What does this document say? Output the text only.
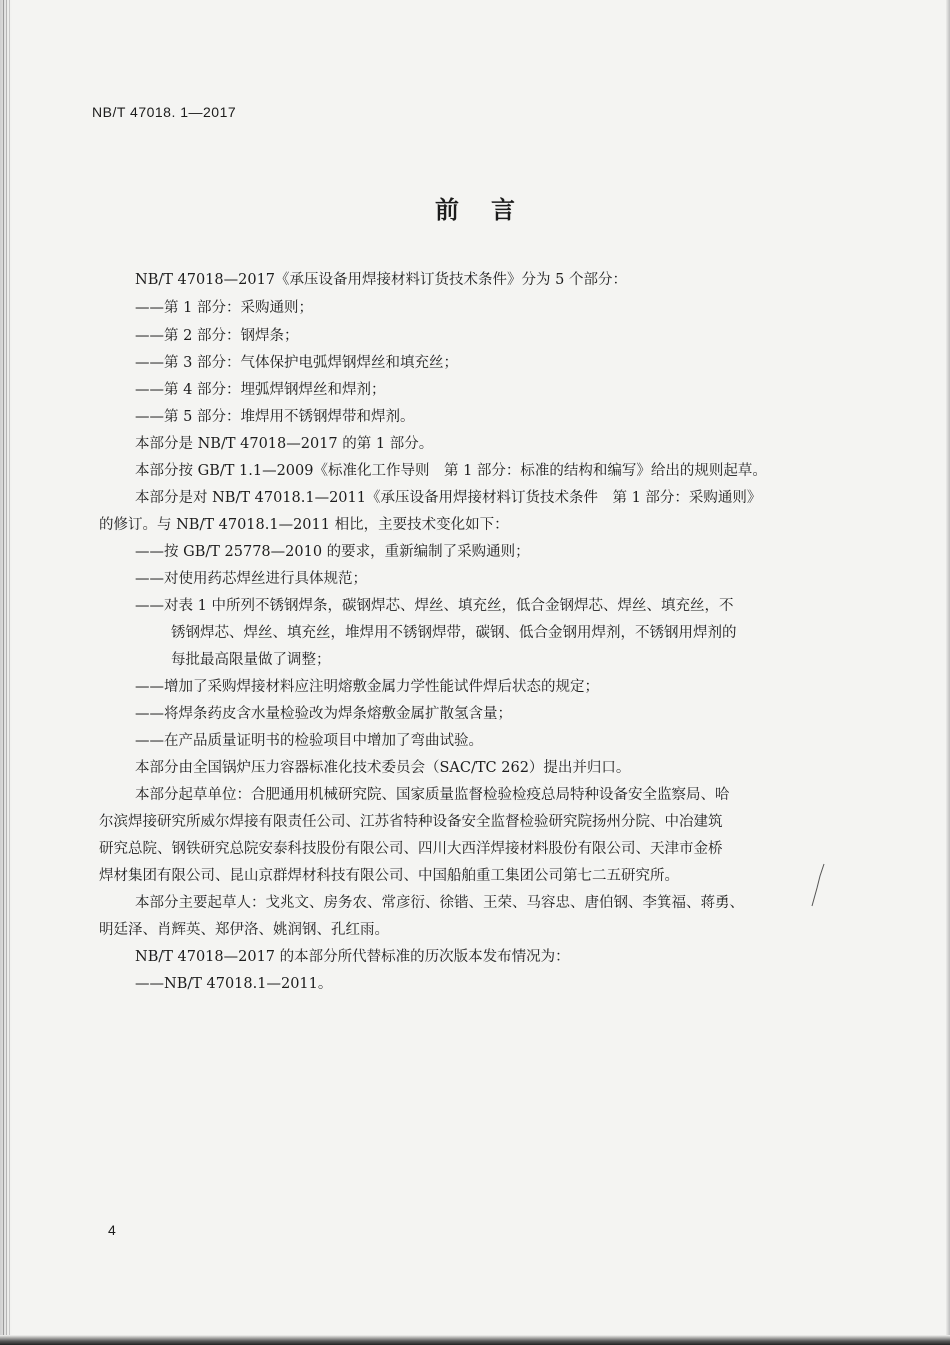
NB/T 47018. 1—2017
前言
NB/T 47018—2017《承压设备用焊接材料订货技术条件》分为 5 个部分：
——第 1 部分：采购通则；
——第 2 部分：钢焊条；
——第 3 部分：气体保护电弧焊钢焊丝和填充丝；
——第 4 部分：埋弧焊钢焊丝和焊剂；
——第 5 部分：堆焊用不锈钢焊带和焊剂。
本部分是 NB/T 47018—2017 的第 1 部分。
本部分按 GB/T 1.1—2009《标准化工作导则　第 1 部分：标准的结构和编写》给出的规则起草。
本部分是对 NB/T 47018.1—2011《承压设备用焊接材料订货技术条件　第 1 部分：采购通则》
的修订。与 NB/T 47018.1—2011 相比，主要技术变化如下：
——按 GB/T 25778—2010 的要求，重新编制了采购通则；
——对使用药芯焊丝进行具体规范；
——对表 1 中所列不锈钢焊条，碳钢焊芯、焊丝、填充丝，低合金钢焊芯、焊丝、填充丝，不
锈钢焊芯、焊丝、填充丝，堆焊用不锈钢焊带，碳钢、低合金钢用焊剂，不锈钢用焊剂的
每批最高限量做了调整；
——增加了采购焊接材料应注明熔敷金属力学性能试件焊后状态的规定；
——将焊条药皮含水量检验改为焊条熔敷金属扩散氢含量；
——在产品质量证明书的检验项目中增加了弯曲试验。
本部分由全国锅炉压力容器标准化技术委员会（SAC/TC 262）提出并归口。
本部分起草单位：合肥通用机械研究院、国家质量监督检验检疫总局特种设备安全监察局、哈
尔滨焊接研究所威尔焊接有限责任公司、江苏省特种设备安全监督检验研究院扬州分院、中冶建筑
研究总院、钢铁研究总院安泰科技股份有限公司、四川大西洋焊接材料股份有限公司、天津市金桥
焊材集团有限公司、昆山京群焊材科技有限公司、中国船舶重工集团公司第七二五研究所。
本部分主要起草人：戈兆文、房务农、常彦衍、徐锴、王荣、马容忠、唐伯钢、李箕福、蒋勇、
明廷泽、肖辉英、郑伊洛、姚润钢、孔红雨。
NB/T 47018—2017 的本部分所代替标准的历次版本发布情况为：
——NB/T 47018.1—2011。
4
